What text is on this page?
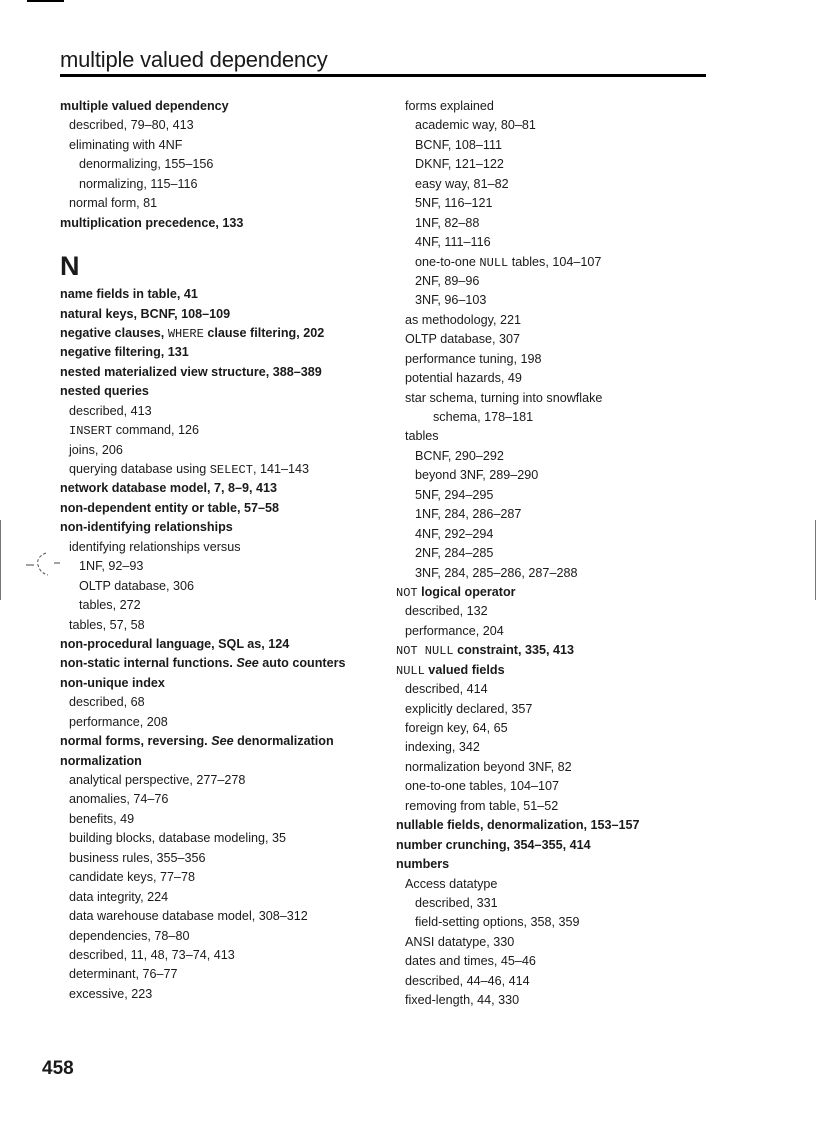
multiple valued dependency
multiple valued dependency
described, 79–80, 413
eliminating with 4NF
denormalizing, 155–156
normalizing, 115–116
normal form, 81
multiplication precedence, 133
N
name fields in table, 41
natural keys, BCNF, 108–109
negative clauses, WHERE clause filtering, 202
negative filtering, 131
nested materialized view structure, 388–389
nested queries
described, 413
INSERT command, 126
joins, 206
querying database using SELECT, 141–143
network database model, 7, 8–9, 413
non-dependent entity or table, 57–58
non-identifying relationships
identifying relationships versus
1NF, 92–93
OLTP database, 306
tables, 272
tables, 57, 58
non-procedural language, SQL as, 124
non-static internal functions. See auto counters
non-unique index
described, 68
performance, 208
normal forms, reversing. See denormalization
normalization
analytical perspective, 277–278
anomalies, 74–76
benefits, 49
building blocks, database modeling, 35
business rules, 355–356
candidate keys, 77–78
data integrity, 224
data warehouse database model, 308–312
dependencies, 78–80
described, 11, 48, 73–74, 413
determinant, 76–77
excessive, 223
forms explained
academic way, 80–81
BCNF, 108–111
DKNF, 121–122
easy way, 81–82
5NF, 116–121
1NF, 82–88
4NF, 111–116
one-to-one NULL tables, 104–107
2NF, 89–96
3NF, 96–103
as methodology, 221
OLTP database, 307
performance tuning, 198
potential hazards, 49
star schema, turning into snowflake
schema, 178–181
tables
BCNF, 290–292
beyond 3NF, 289–290
5NF, 294–295
1NF, 284, 286–287
4NF, 292–294
2NF, 284–285
3NF, 284, 285–286, 287–288
NOT logical operator
described, 132
performance, 204
NOT NULL constraint, 335, 413
NULL valued fields
described, 414
explicitly declared, 357
foreign key, 64, 65
indexing, 342
normalization beyond 3NF, 82
one-to-one tables, 104–107
removing from table, 51–52
nullable fields, denormalization, 153–157
number crunching, 354–355, 414
numbers
Access datatype
described, 331
field-setting options, 358, 359
ANSI datatype, 330
dates and times, 45–46
described, 44–46, 414
fixed-length, 44, 330
458
